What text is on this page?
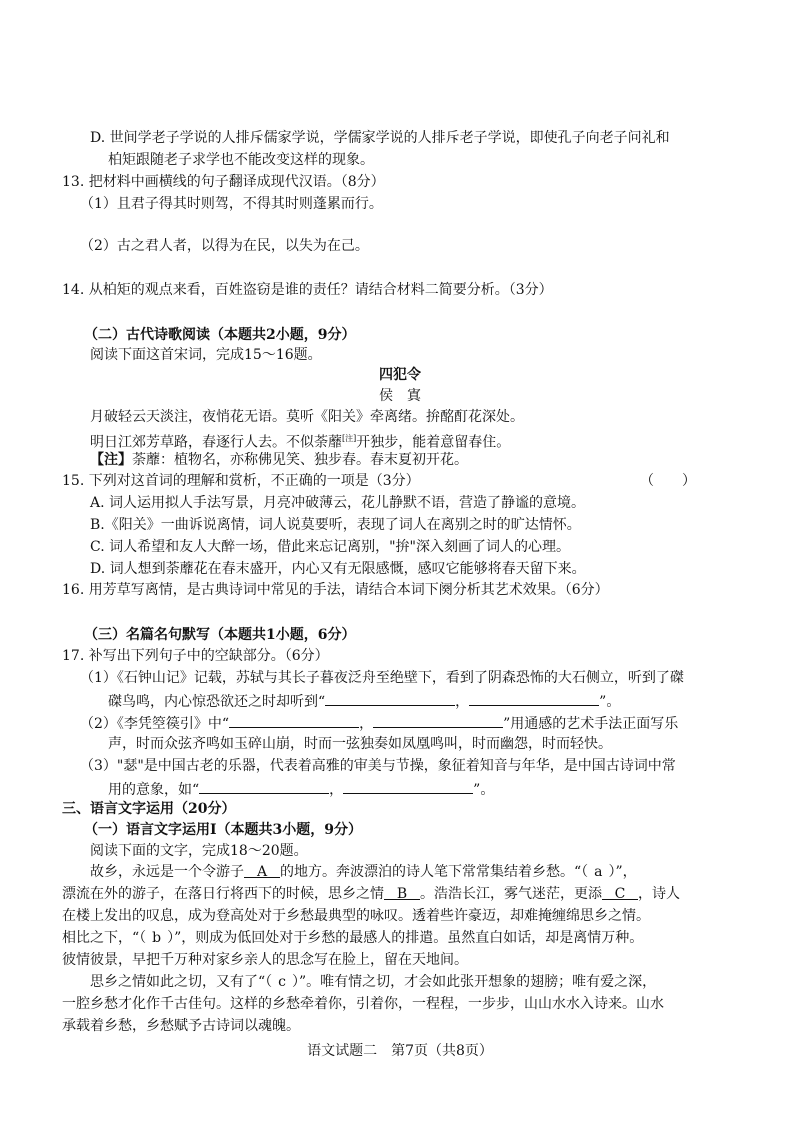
D. 世间学老子学说的人排斥儒家学说，学儒家学说的人排斥老子学说，即使孔子向老子问礼和
柏矩跟随老子求学也不能改变这样的现象。
13. 把材料中画横线的句子翻译成现代汉语。（8分）
（1）且君子得其时则驾，不得其时则蓬累而行。
（2）古之君人者，以得为在民，以失为在己。
14. 从柏矩的观点来看，百姓盗窃是谁的责任？请结合材料二简要分析。（3分）
（二）古代诗歌阅读（本题共2小题，9分）
阅读下面这首宋词，完成15～16题。
四犯令
侯　寘
月破轻云天淡注，夜悄花无语。莫听《阳关》牵离绪。拚酩酊花深处。
明日江郊芳草路，春逐行人去。不似荼蘼[注]开独步，能着意留春住。
【注】荼蘼：植物名，亦称佛见笑、独步春。春末夏初开花。
15. 下列对这首词的理解和赏析，不正确的一项是（3分）	（　　）
A. 词人运用拟人手法写景，月亮冲破薄云，花儿静默不语，营造了静谧的意境。
B.《阳关》一曲诉说离情，词人说莫要听，表现了词人在离别之时的旷达情怀。
C. 词人希望和友人大醉一场，借此来忘记离别，"拚"深入刻画了词人的心理。
D. 词人想到荼蘼花在春末盛开，内心又有无限感慨，感叹它能够将春天留下来。
16. 用芳草写离情，是古典诗词中常见的手法，请结合本词下阕分析其艺术效果。（6分）
（三）名篇名句默写（本题共1小题，6分）
17. 补写出下列句子中的空缺部分。（6分）
（1）《石钟山记》记载，苏轼与其长子暮夜泛舟至绝壁下，看到了阴森恐怖的大石侧立，听到了磔
磔鸟鸣，内心惊恐欲还之时却听到“	，	”。
（2）《李凭箜篌引》中“	，	”用通感的艺术手法正面写乐
声，时而众弦齐鸣如玉碎山崩，时而一弦独奏如凤凰鸣叫，时而幽怨，时而轻快。
（3）"瑟"是中国古老的乐器，代表着高雅的审美与节操，象征着知音与年华，是中国古诗词中常
用的意象，如“	，	”。
三、语言文字运用（20分）
（一）语言文字运用Ⅰ（本题共3小题，9分）
阅读下面的文字，完成18～20题。
故乡，永远是一个令游子 A 的地方。奔波漂泊的诗人笔下常常集结着乡愁。“（ a ）”，
漂流在外的游子，在落日行将西下的时候，思乡之情 B 。浩浩长江，雾气迷茫，更添 C ，诗人
在楼上发出的叹息，成为登高处对于乡愁最典型的咏叹。透着些许豪迈，却难掩缠绵思乡之情。
相比之下，“（ b ）”，则成为低回处对于乡愁的最感人的排遣。虽然直白如话，却是离情万种。
彼情彼景，早把千万种对家乡亲人的思念写在脸上，留在天地间。
思乡之情如此之切，又有了“（ c ）”。唯有情之切，才会如此张开想象的翅膀；唯有爱之深，
一腔乡愁才化作千古佳句。这样的乡愁牵着你，引着你，一程程，一步步，山山水水入诗来。山水
承载着乡愁，乡愁赋予古诗词以魂魄。
语文试题二　第7页（共8页）
